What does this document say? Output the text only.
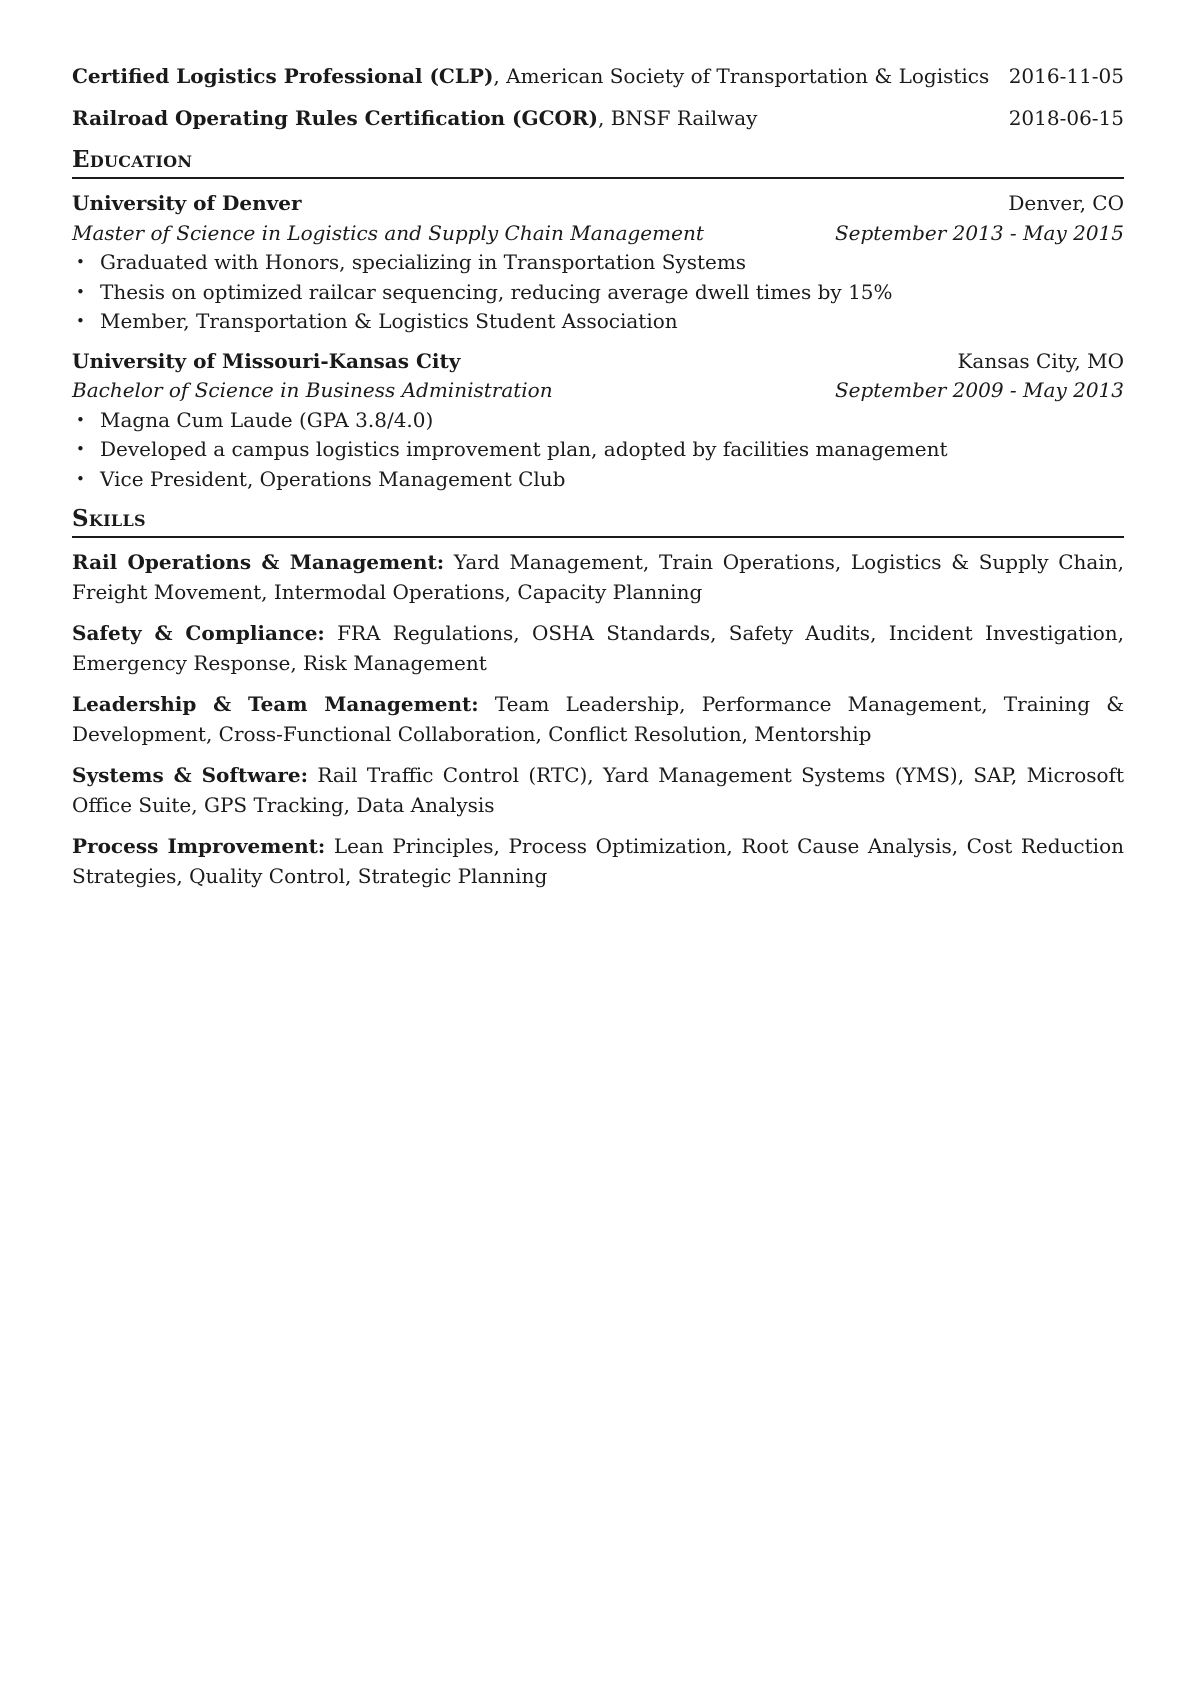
Certified Logistics Professional (CLP), American Society of Transportation & Logistics 2016-11-05
Railroad Operating Rules Certification (GCOR), BNSF Railway	2018-06-15
Education
University of Denver	Denver, CO
Master of Science in Logistics and Supply Chain Management	September 2013 - May 2015
• Graduated with Honors, specializing in Transportation Systems
• Thesis on optimized railcar sequencing, reducing average dwell times by 15%
• Member, Transportation & Logistics Student Association
University of Missouri-Kansas City	Kansas City, MO
Bachelor of Science in Business Administration	September 2009 - May 2013
• Magna Cum Laude (GPA 3.8/4.0)
• Developed a campus logistics improvement plan, adopted by facilities management
• Vice President, Operations Management Club
Skills
Rail Operations & Management: Yard Management, Train Operations, Logistics & Supply Chain, Freight Movement, Intermodal Operations, Capacity Planning
Safety & Compliance: FRA Regulations, OSHA Standards, Safety Audits, Incident Investigation, Emergency Response, Risk Management
Leadership & Team Management: Team Leadership, Performance Management, Training & Development, Cross-Functional Collaboration, Conflict Resolution, Mentorship
Systems & Software: Rail Traffic Control (RTC), Yard Management Systems (YMS), SAP, Microsoft Office Suite, GPS Tracking, Data Analysis
Process Improvement: Lean Principles, Process Optimization, Root Cause Analysis, Cost Reduction Strategies, Quality Control, Strategic Planning
